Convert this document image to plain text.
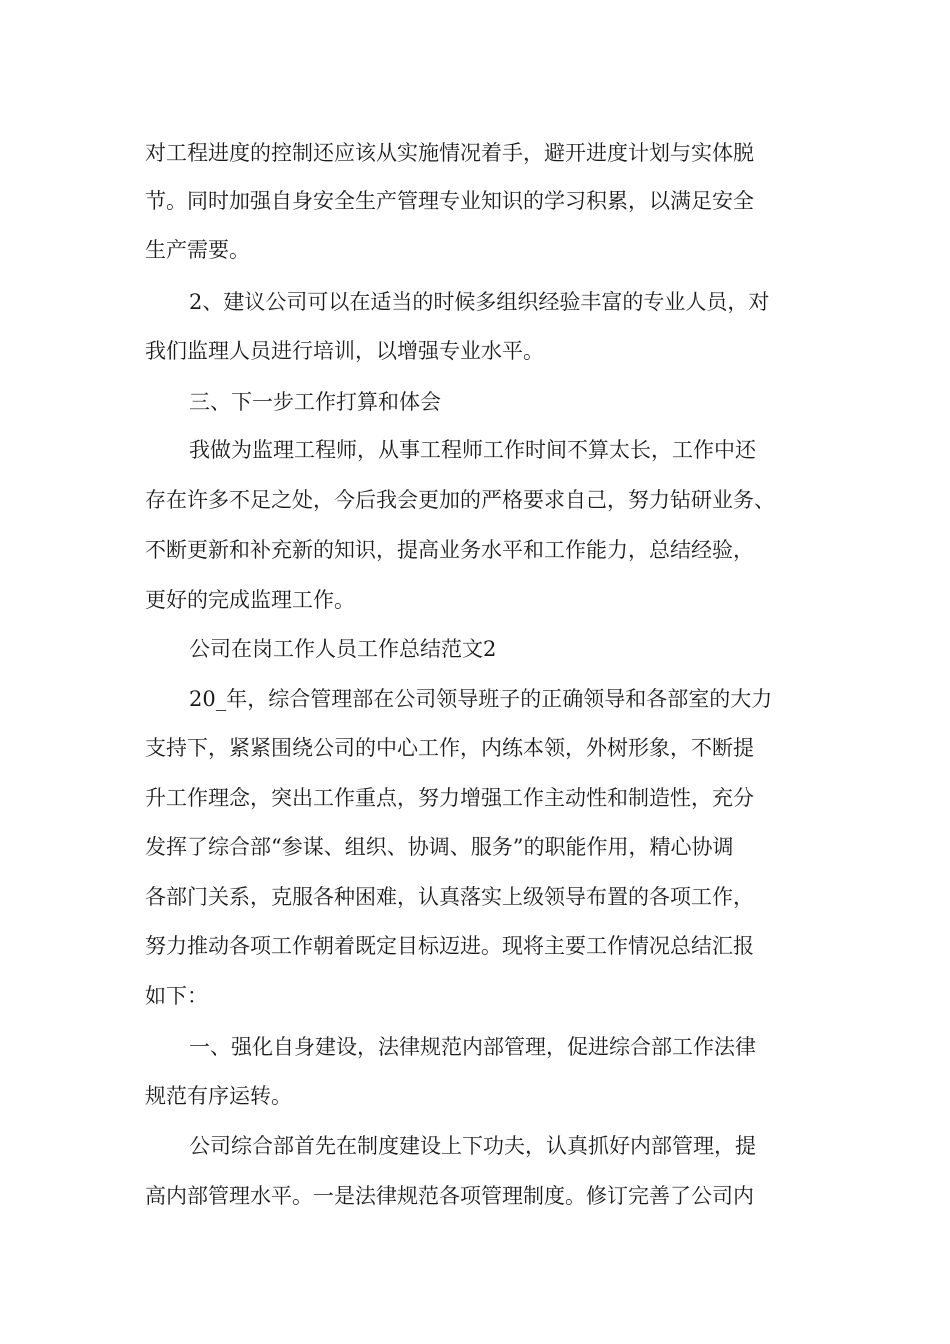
对工程进度的控制还应该从实施情况着手，避开进度计划与实体脱

节。同时加强自身安全生产管理专业知识的学习积累，以满足安全

生产需要。

2、建议公司可以在适当的时候多组织经验丰富的专业人员，对

我们监理人员进行培训，以增强专业水平。

三、下一步工作打算和体会

我做为监理工程师，从事工程师工作时间不算太长，工作中还

存在许多不足之处，今后我会更加的严格要求自己，努力钻研业务、

不断更新和补充新的知识，提高业务水平和工作能力，总结经验，

更好的完成监理工作。

公司在岗工作人员工作总结范文2

20_年，综合管理部在公司领导班子的正确领导和各部室的大力

支持下，紧紧围绕公司的中心工作，内练本领，外树形象，不断提

升工作理念，突出工作重点，努力增强工作主动性和制造性，充分

发挥了综合部“参谋、组织、协调、服务”的职能作用，精心协调

各部门关系，克服各种困难，认真落实上级领导布置的各项工作，

努力推动各项工作朝着既定目标迈进。现将主要工作情况总结汇报

如下：

一、强化自身建设，法律规范内部管理，促进综合部工作法律

规范有序运转。

公司综合部首先在制度建设上下功夫，认真抓好内部管理，提

高内部管理水平。一是法律规范各项管理制度。修订完善了公司内
